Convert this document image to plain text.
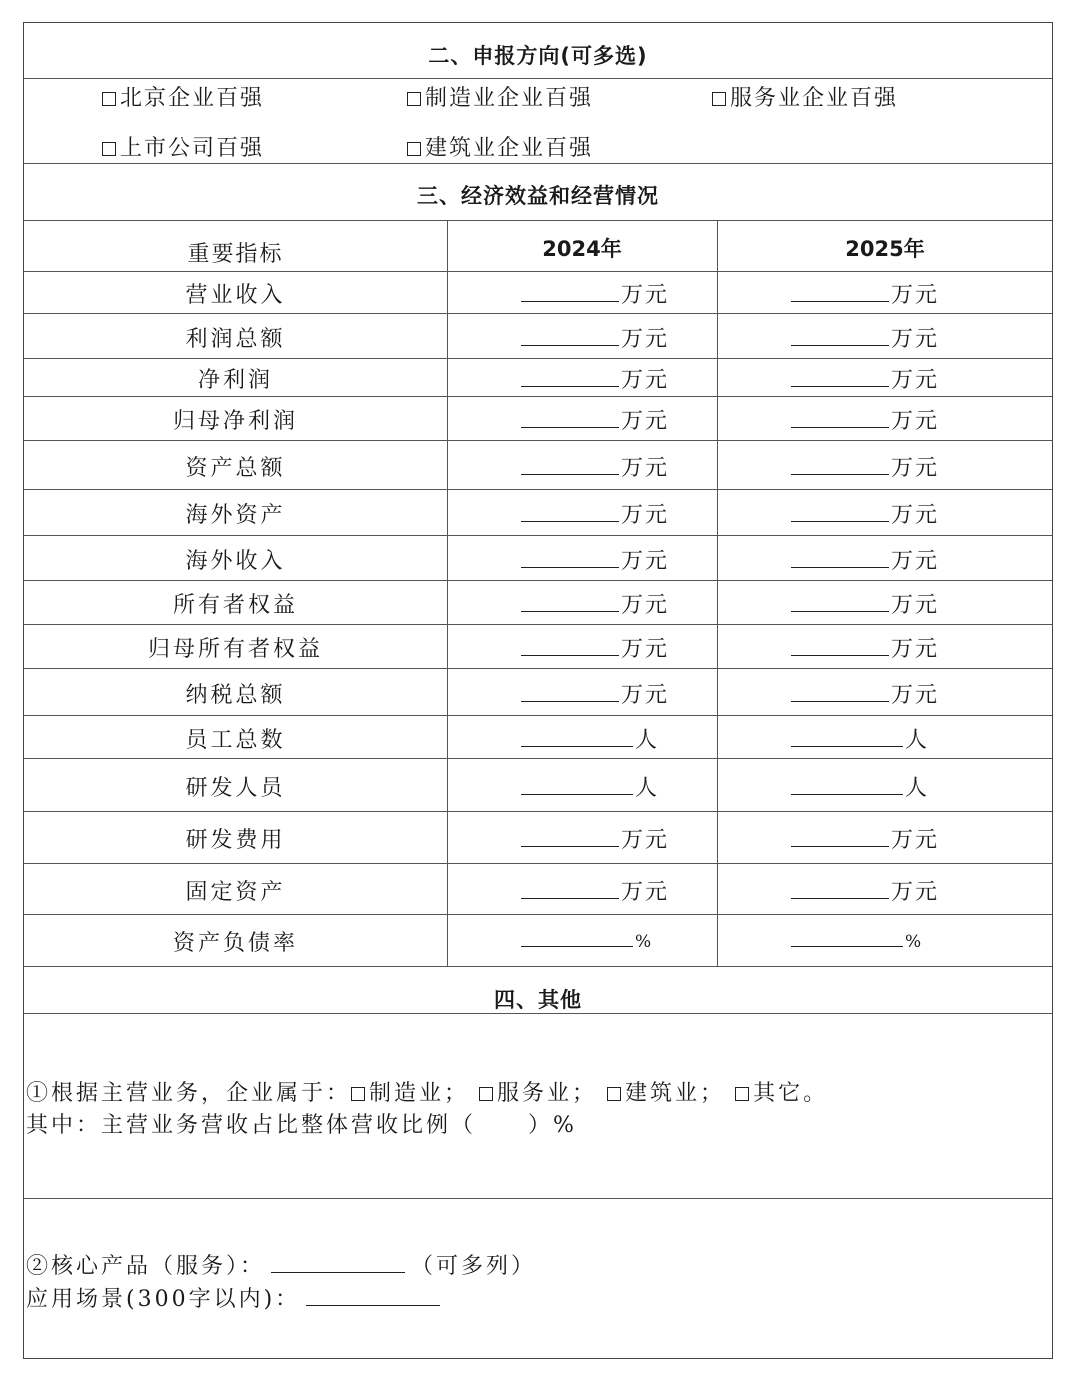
二、申报方向(可多选)
北京企业百强	制造业企业百强	服务业企业百强
上市公司百强	建筑业企业百强
三、经济效益和经营情况
重要指标	2024年	2025年
四、其他
①根据主营业务，企业属于： 制造业； 服务业； 建筑业； 其它。
其中：主营业务营收占比整体营收比例（ ）%
②核心产品（服务）：	（可多列）
应用场景(300字以内)：
营业收入	万元	万元
利润总额	万元	万元
净利润	万元	万元
归母净利润	万元	万元
资产总额	万元	万元
海外资产	万元	万元
海外收入	万元	万元
所有者权益	万元	万元
归母所有者权益	万元	万元
纳税总额	万元	万元
员工总数	人	人
研发人员	人	人
研发费用	万元	万元
固定资产	万元	万元
资产负债率	%	%
